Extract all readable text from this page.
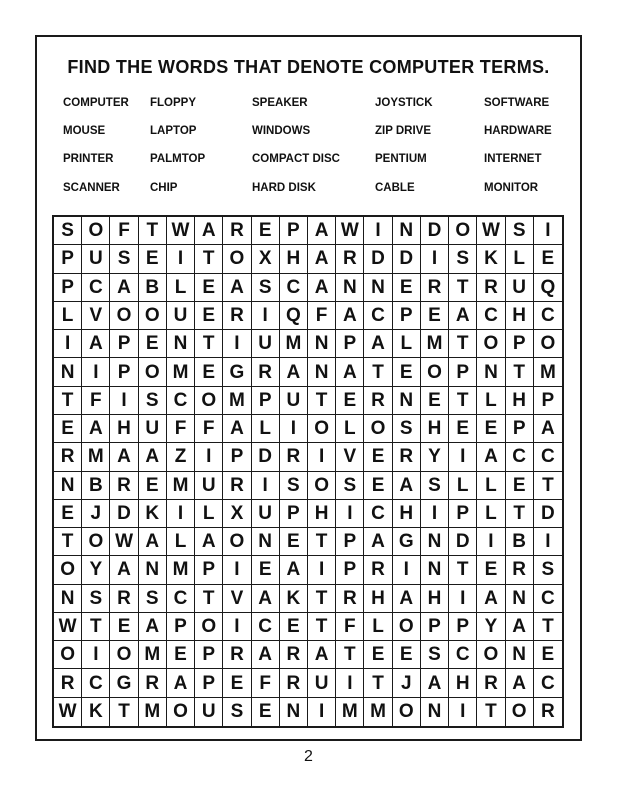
FIND THE WORDS THAT DENOTE COMPUTER TERMS.
COMPUTER FLOPPY	SPEAKER	JOYSTICK	SOFTWARE
MOUSE	LAPTOP	WINDOWS	ZIP DRIVE	HARDWARE
PRINTER	PALMTOP	COMPACT DISC	PENTIUM	INTERNET
SCANNER	CHIP	HARD DISK	CABLE	MONITOR
S O F T W A R E P A W I N D O W S	I
P U S E	I	T O X H A R D D I	S K L E
P C A B L E A S C A N N E R T R U Q
L V O O U E R I Q F A C P E A C H C
I A P E N T	I U M N P A L M T O P O
N I	P O M E G R A N A T E O P N T M
T F	I	S C O M P U T E R N E T L H P
E A H U F F A L	I O L O S H E E P A
R M A A Z	I	P D R I	V E R Y	I A C C
N B R E M U R I	S O S E A S L L E T
E J D K I	L X U P H I C H I	P L T D
T O W A L A O N E T P A G N D I B	I
O Y A N M P	I	E A I	P R I N T E R S
N S R S C T V A K T R H A H I A N C
W T E A P O I C E T F L O P P Y A T
O I O M E P R A R A T E E S C O N E
R C G R A P E F R U I	T J A H R A C
W K T M O U S E N I M M O N I	T O R
2
